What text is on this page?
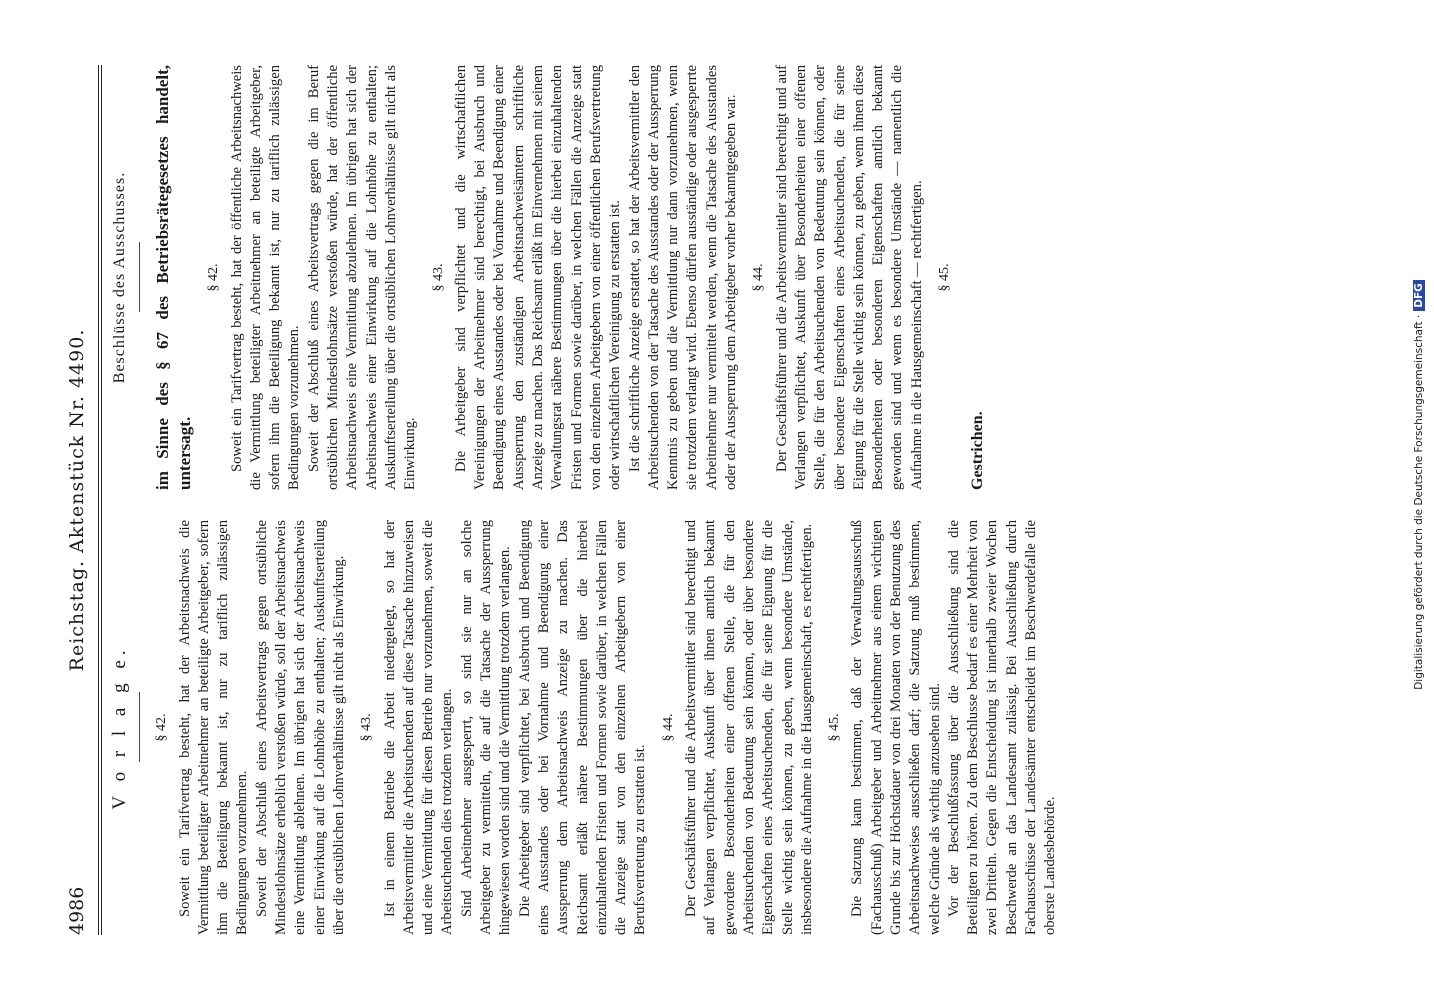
4986
Reichstag. Aktenstück Nr. 4490.
V o r l a g e. § 42. Soweit ein Tarifvertrag besteht, hat der Arbeitsnachweis die Vermittlung beteiligter Arbeitnehmer an beteiligte Arbeitgeber, sofern ihm die Beteiligung bekannt ist, nur zu tariflich zulässigen Bedingungen vorzunehmen. Soweit der Abschluß eines Arbeitsvertrags gegen ortsübliche Mindestlohnsätze erheblich verstoßen würde, soll der Arbeitsnachweis eine Vermittlung ablehnen. Im übrigen hat sich der Arbeitsnachweis einer Einwirkung auf die Lohnhöhe zu enthalten; Auskunftserteilung über die ortsüblichen Lohnverhältnisse gilt nicht als Einwirkung. § 43. Ist in einem Betriebe die Arbeit niedergelegt, so hat der Arbeitsvermittler die Arbeitsuchenden auf diese Tatsache hinzuweisen und eine Vermittlung für diesen Betrieb nur vorzunehmen, soweit die Arbeitsuchenden dies trotzdem verlangen. Sind Arbeitnehmer ausgesperrt, so sind sie nur an solche Arbeitgeber zu vermitteln, die auf die Tatsache der Aussperrung hingewiesen worden sind und die Vermittlung trotzdem verlangen. Die Arbeitgeber sind verpflichtet, bei Ausbruch und Beendigung eines Ausstandes oder bei Vornahme und Beendigung einer Aussperrung dem Arbeitsnachweis Anzeige zu machen. Das Reichsamt erläßt nähere Bestimmungen über die hierbei einzuhaltenden Fristen und Formen sowie darüber, in welchen Fällen die Anzeige statt von den einzelnen Arbeitgebern von einer Berufsvertretung zu erstatten ist.

§ 44. Der Geschäftsführer und die Arbeitsvermittler sind berechtigt und auf Verlangen verpflichtet, Auskunft über ihnen amtlich bekannt gewordene Besonderheiten einer offenen Stelle, die für den Arbeitsuchenden von Bedeutung sein können, oder über besondere Eigenschaften eines Arbeitsuchenden, die für seine Eignung für die Stelle wichtig sein können, zu geben, wenn besondere Umstände, insbesondere die Aufnahme in die Hausgemeinschaft, es rechtfertigen. § 45. Die Satzung kann bestimmen, daß der Verwaltungsausschuß (Fachausschuß) Arbeitgeber und Arbeitnehmer aus einem wichtigen Grunde bis zur Höchstdauer von drei Monaten von der Benutzung des Arbeitsnachweises ausschließen darf; die Satzung muß bestimmen, welche Gründe als wichtig anzusehen sind. Vor der Beschlußfassung über die Ausschließung sind die Beteiligten zu hören. Zu dem Beschlusse bedarf es einer Mehrheit von zwei Dritteln. Gegen die Entscheidung ist innerhalb zweier Wochen Beschwerde an das Landesamt zulässig. Bei Ausschließung durch Fachausschüsse der Landesämter entscheidet im Beschwerdefalle die oberste Landesbehörde.

Beschlüsse des Ausschusses. im Sinne des § 67 des Betriebsrätegesetzes handelt, untersagt.

§ 42. Soweit ein Tarifvertrag besteht, hat der öffentliche Arbeitsnachweis die Vermittlung beteiligter Arbeitnehmer an beteiligte Arbeitgeber, sofern ihm die Beteiligung bekannt ist, nur zu tariflich zulässigen Bedingungen vorzunehmen. Soweit der Abschluß eines Arbeitsvertrags gegen die im Beruf ortsüblichen Mindestlohnsätze verstoßen würde, hat der öffentliche Arbeitsnachweis eine Vermittlung abzulehnen. Im übrigen hat sich der Arbeitsnachweis einer Einwirkung auf die Lohnhöhe zu enthalten; Auskunftserteilung über die ortsüblichen Lohnverhältnisse gilt nicht als Einwirkung.

§ 43. Die Arbeitgeber sind verpflichtet und die wirtschaftlichen Vereinigungen der Arbeitnehmer sind berechtigt, bei Ausbruch und Beendigung eines Ausstandes oder bei Vornahme und Beendigung einer Aussperrung den zuständigen Arbeitsnachweisämtern schriftliche Anzeige zu machen. Das Reichsamt erläßt im Einvernehmen mit seinem Verwaltungsrat nähere Bestimmungen über die hierbei einzuhaltenden Fristen und Formen sowie darüber, in welchen Fällen die Anzeige statt von den einzelnen Arbeitgebern von einer öffentlichen Berufsvertretung oder wirtschaftlichen Vereinigung zu erstatten ist. Ist die schriftliche Anzeige erstattet, so hat der Arbeitsvermittler den Arbeitsuchenden von der Tatsache des Ausstandes oder der Aussperrung Kenntnis zu geben und die Vermittlung nur dann vorzunehmen, wenn sie trotzdem verlangt wird. Ebenso dürfen ausständige oder ausgesperrte Arbeitnehmer nur vermittelt werden, wenn die Tatsache des Ausstandes oder der Aussperrung dem Arbeitgeber vorher bekanntgegeben war. § 44. Der Geschäftsführer und die Arbeitsvermittler sind berechtigt und auf Verlangen verpflichtet, Auskunft über Besonderheiten einer offenen Stelle, die für den Arbeitsuchenden von Bedeutung sein können, oder über besondere Eigenschaften eines Arbeitsuchenden, die für seine Eignung für die Stelle wichtig sein können, zu geben, wenn ihnen diese Besonderheiten oder besonderen Eigenschaften amtlich bekannt geworden sind und wenn es besondere Umstände — namentlich die Aufnahme in die Hausgemeinschaft — rechtfertigen. § 45.

Gestrichen.	Digitalisierung gefördert durch die Deutsche Forschungsgemeinschaft ·DFG
